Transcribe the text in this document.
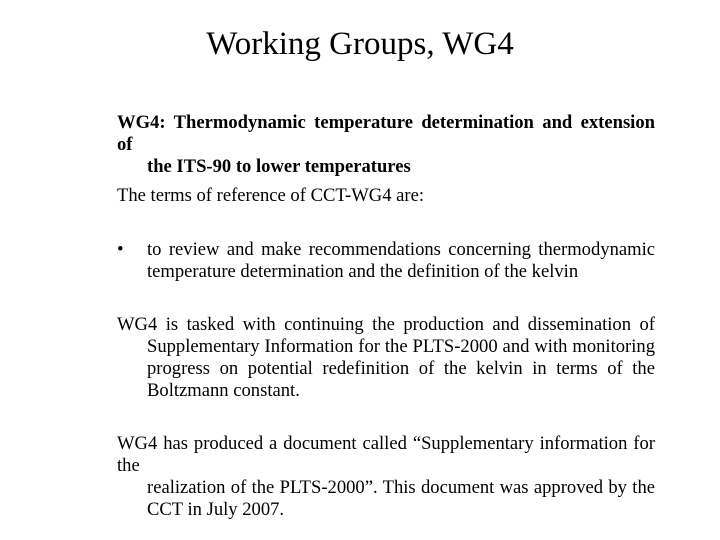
Working Groups, WG4
WG4: Thermodynamic temperature determination and extension of
the ITS-90 to lower temperatures
The terms of reference of CCT-WG4 are:
•	to review and make recommendations concerning thermodynamic
temperature determination and the definition of the kelvin
WG4 is tasked with continuing the production and dissemination of
Supplementary Information for the PLTS-2000 and with monitoring
progress on potential redefinition of the kelvin in terms of the
Boltzmann constant.
WG4 has produced a document called “Supplementary information for the
realization of the PLTS-2000”. This document was approved by the
CCT in July 2007.
